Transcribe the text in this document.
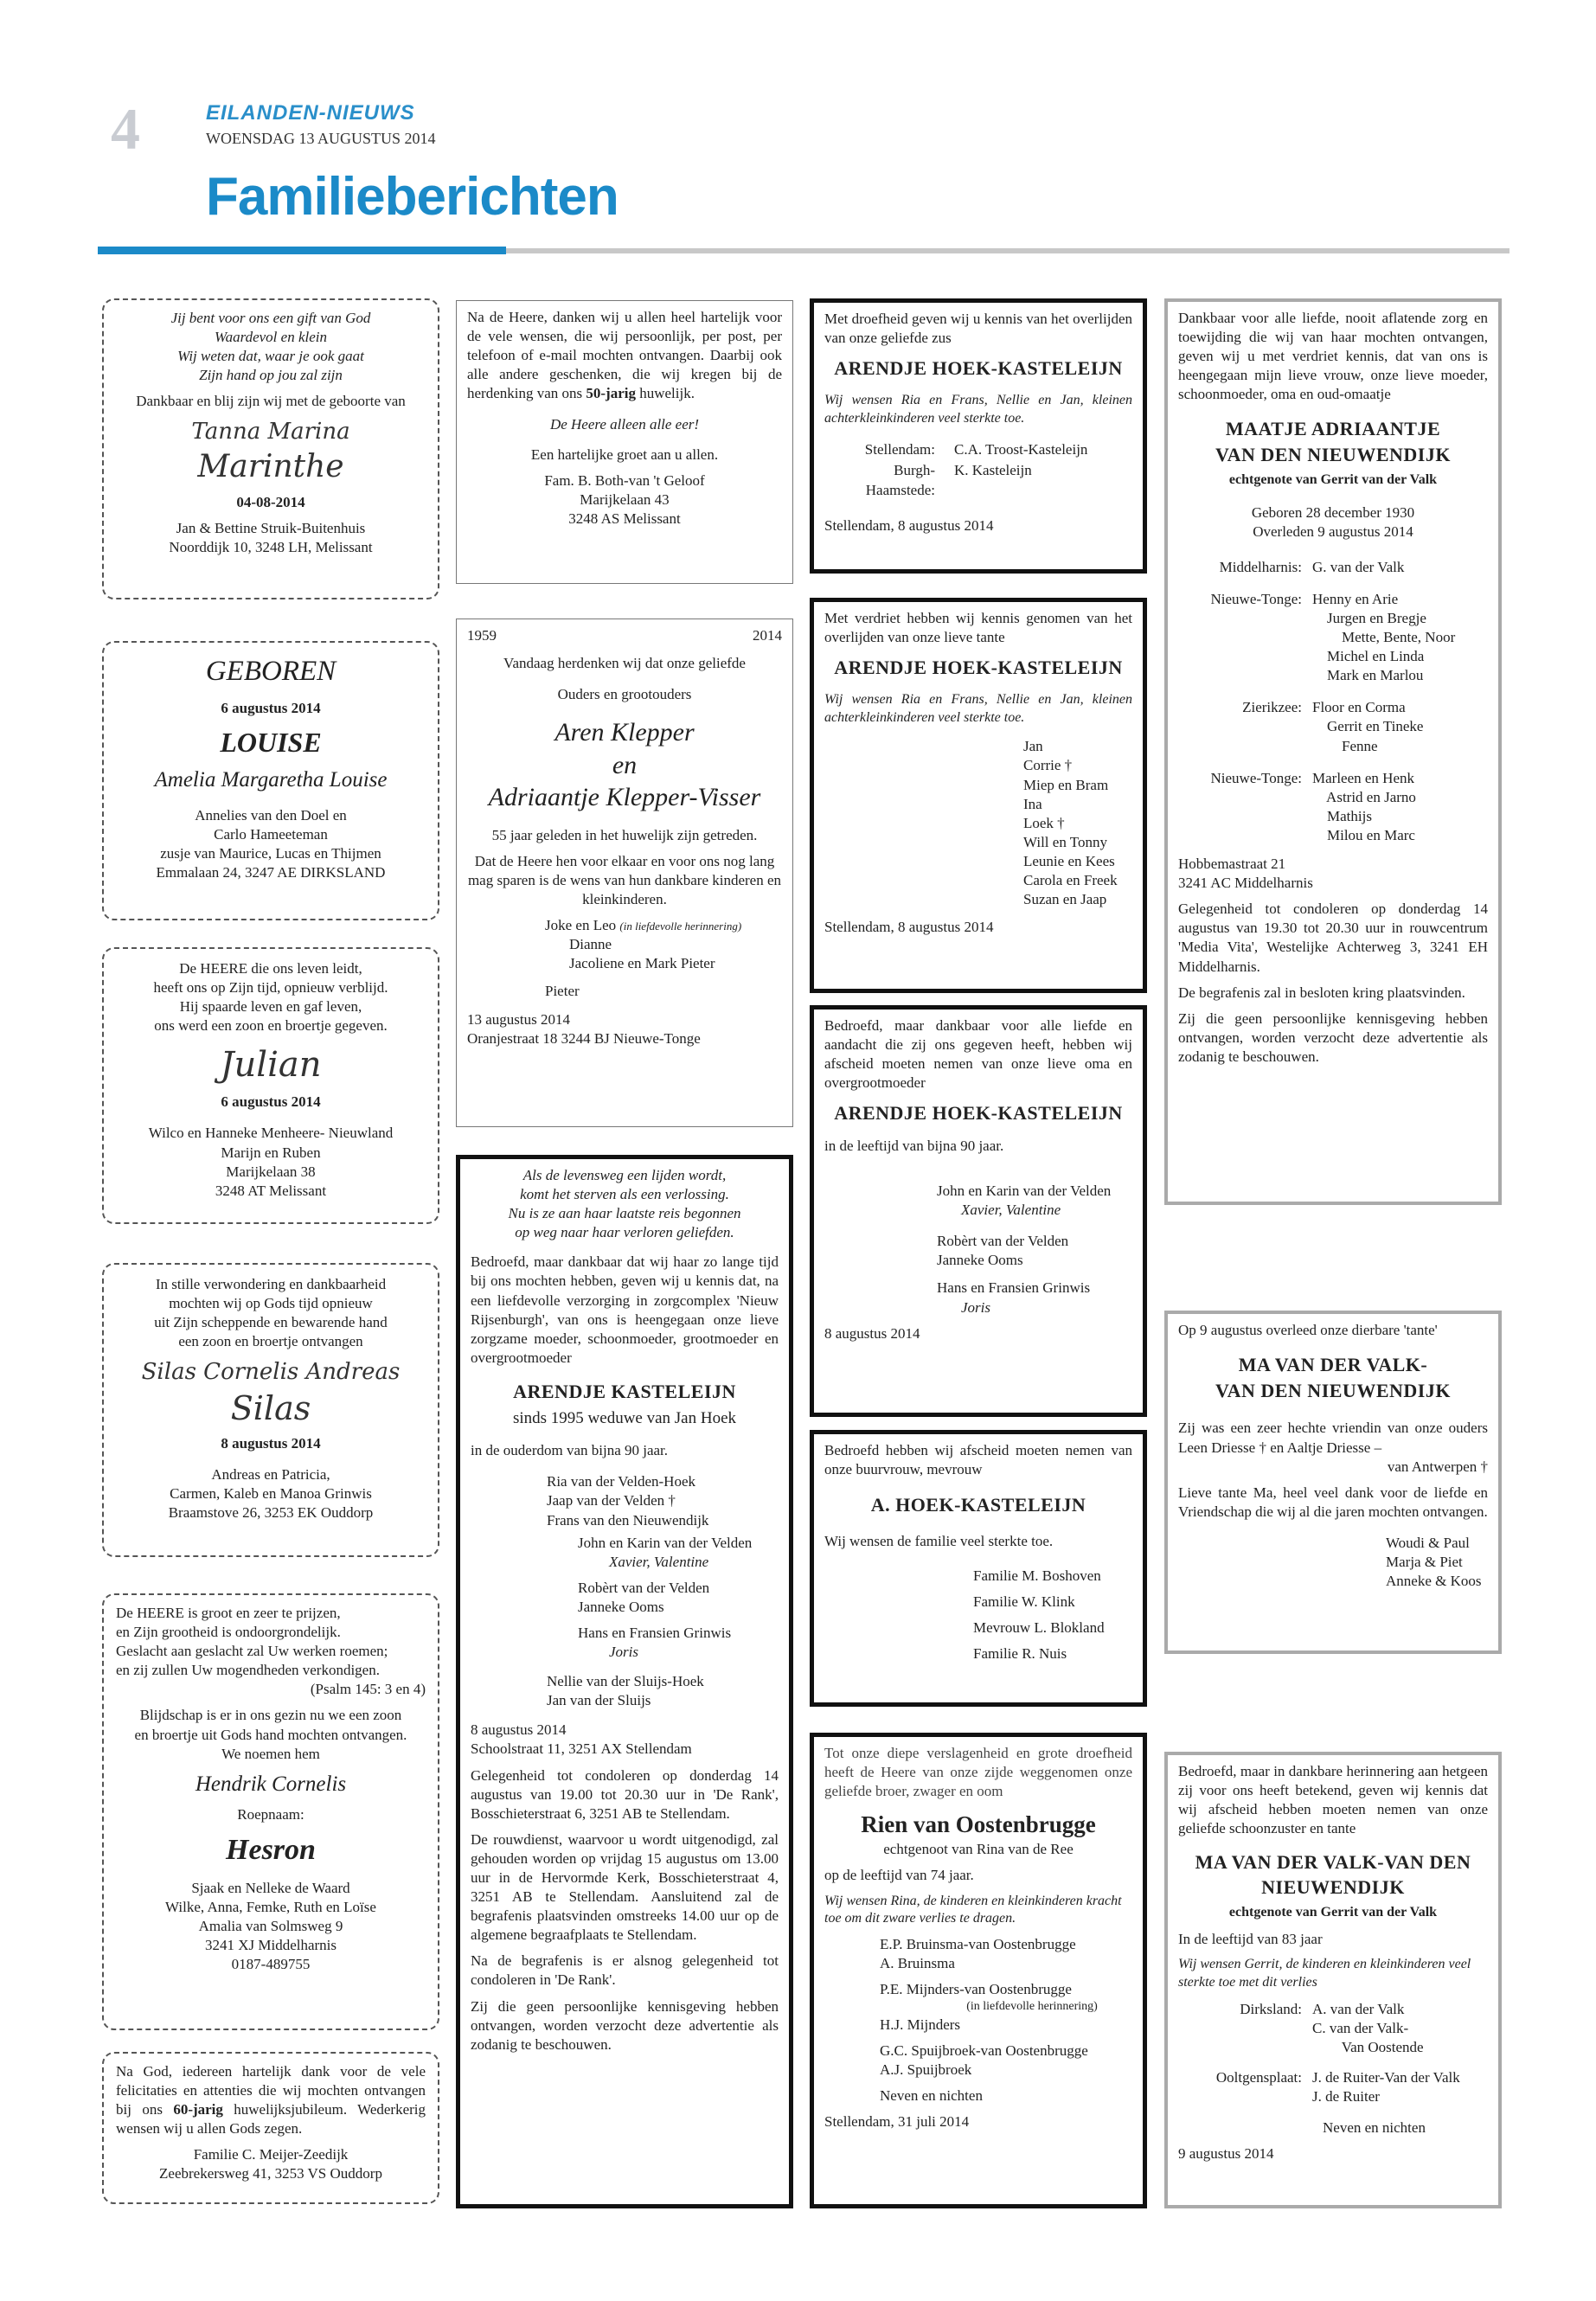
4	EILANDEN-NIEUWS
WOENSDAG 13 AUGUSTUS 2014
Familieberichten

Jij bent voor ons een gift van God
Waardevol en klein
Wij weten dat, waar je ook gaat
Zijn hand op jou zal zijn

Dankbaar en blij zijn wij met de geboorte van

Tanna Marina
Marinthe

04-08-2014

Jan & Bettine Struik-Buitenhuis
Noorddijk 10, 3248 LH, Melissant

GEBOREN

6 augustus 2014

LOUISE
Amelia Margaretha Louise

Annelies van den Doel en
Carlo Hameeteman
zusje van Maurice, Lucas en Thijmen
Emmalaan 24, 3247 AE DIRKSLAND

De HEERE die ons leven leidt,
heeft ons op Zijn tijd, opnieuw verblijd.
Hij spaarde leven en gaf leven,
ons werd een zoon en broertje gegeven.

Julian

6 augustus 2014

Wilco en Hanneke Menheere- Nieuwland
Marijn en Ruben
Marijkelaan 38
3248 AT Melissant

In stille verwondering en dankbaarheid
mochten wij op Gods tijd opnieuw
uit Zijn scheppende en bewarende hand
een zoon en broertje ontvangen

Silas Cornelis Andreas
Silas

8 augustus 2014

Andreas en Patricia,
Carmen, Kaleb en Manoa Grinwis
Braamstove 26, 3253 EK Ouddorp

De HEERE is groot en zeer te prijzen,
en Zijn grootheid is ondoorgrondelijk.
Geslacht aan geslacht zal Uw werken roemen;
en zij zullen Uw mogendheden verkondigen.

(Psalm 145: 3 en 4)

Blijdschap is er in ons gezin nu we een zoon
en broertje uit Gods hand mochten ontvangen.
We noemen hem

Hendrik Cornelis

Roepnaam:

Hesron

Sjaak en Nelleke de Waard
Wilke, Anna, Femke, Ruth en Loïse
Amalia van Solmsweg 9
3241 XJ Middelharnis
0187-489755

Na God, iedereen hartelijk dank voor de vele felicitaties en attenties die wij mochten ontvangen bij ons 60-jarig huwelijksjubileum. Wederkerig wensen wij u allen Gods zegen.

Familie C. Meijer-Zeedijk
Zeebrekersweg 41, 3253 VS Ouddorp

Na de Heere, danken wij u allen heel hartelijk voor de vele wensen, die wij persoonlijk, per post, per telefoon of e-mail mochten ontvangen. Daarbij ook alle andere geschenken, die wij kregen bij de herdenking van ons 50-jarig huwelijk.

De Heere alleen alle eer!

Een hartelijke groet aan u allen.

Fam. B. Both-van 't Geloof
Marijkelaan 43
3248 AS Melissant

1959	2014

Vandaag herdenken wij dat onze geliefde

Ouders en grootouders

Aren Klepper
en
Adriaantje Klepper-Visser

55 jaar geleden in het huwelijk zijn getreden.

Dat de Heere hen voor elkaar en voor ons nog lang mag sparen is de wens van hun dankbare kinderen en kleinkinderen.

Joke en Leo (in liefdevolle herinnering)
Dianne
Jacoliene en Mark Pieter
Pieter
13 augustus 2014
Oranjestraat 18 3244 BJ Nieuwe-Tonge

Als de levensweg een lijden wordt,
komt het sterven als een verlossing.
Nu is ze aan haar laatste reis begonnen
op weg naar haar verloren geliefden.

Bedroefd, maar dankbaar dat wij haar zo lange tijd bij ons mochten hebben, geven wij u kennis dat, na een liefdevolle verzorging in zorgcomplex 'Nieuw Rijsenburgh', van ons is heengegaan onze lieve zorgzame moeder, schoonmoeder, grootmoeder en overgrootmoeder

ARENDJE KASTELEIJN

sinds 1995 weduwe van Jan Hoek

in de ouderdom van bijna 90 jaar.

Ria van der Velden-Hoek
Jaap van der Velden †
Frans van den Nieuwendijk

John en Karin van der Velden

Xavier, Valentine

Robèrt van der Velden
Janneke Ooms

Hans en Fransien Grinwis

Joris

Nellie van der Sluijs-Hoek
Jan van der Sluijs

8 augustus 2014
Schoolstraat 11, 3251 AX Stellendam

Gelegenheid tot condoleren op donderdag 14 augustus van 19.00 tot 20.30 uur in 'De Rank', Bosschieterstraat 6, 3251 AB te Stellendam.

De rouwdienst, waarvoor u wordt uitgenodigd, zal gehouden worden op vrijdag 15 augustus om 13.00 uur in de Hervormde Kerk, Bosschieterstraat 4, 3251 AB te Stellendam. Aansluitend zal de begrafenis plaatsvinden omstreeks 14.00 uur op de algemene begraafplaats te Stellendam.

Na de begrafenis is er alsnog gelegenheid tot condoleren in 'De Rank'.

Zij die geen persoonlijke kennisgeving hebben ontvangen, worden verzocht deze advertentie als zodanig te beschouwen.

Met droefheid geven wij u kennis van het overlijden van onze geliefde zus

ARENDJE HOEK-KASTELEIJN

Wij wensen Ria en Frans, Nellie en Jan, kleinen achterkleinkinderen veel sterkte toe.

Stellendam:	C.A. Troost-Kasteleijn
Burgh-Haamstede:	K. Kasteleijn

Stellendam, 8 augustus 2014

Met verdriet hebben wij kennis genomen van het overlijden van onze lieve tante

ARENDJE HOEK-KASTELEIJN

Wij wensen Ria en Frans, Nellie en Jan, kleinen achterkleinkinderen veel sterkte toe.

Jan
Corrie †
Miep en Bram
Ina
Loek †
Will en Tonny
Leunie en Kees
Carola en Freek
Suzan en Jaap

Stellendam, 8 augustus 2014

Bedroefd, maar dankbaar voor alle liefde en aandacht die zij ons gegeven heeft, hebben wij afscheid moeten nemen van onze lieve oma en overgrootmoeder

ARENDJE HOEK-KASTELEIJN

in de leeftijd van bijna 90 jaar.

John en Karin van der Velden

Xavier, Valentine

Robèrt van der Velden
Janneke Ooms

Hans en Fransien Grinwis

Joris

8 augustus 2014

Bedroefd hebben wij afscheid moeten nemen van onze buurvrouw, mevrouw

A. HOEK-KASTELEIJN

Wij wensen de familie veel sterkte toe.

Familie M. Boshoven

Familie W. Klink

Mevrouw L. Blokland

Familie R. Nuis

Tot onze diepe verslagenheid en grote droefheid heeft de Heere van onze zijde weggenomen onze geliefde broer, zwager en oom

Rien van Oostenbrugge

echtgenoot van Rina van de Ree

op de leeftijd van 74 jaar.

Wij wensen Rina, de kinderen en kleinkinderen kracht toe om dit zware verlies te dragen.

E.P. Bruinsma-van Oostenbrugge
A. Bruinsma

P.E. Mijnders-van Oostenbrugge
(in liefdevolle herinnering)

H.J. Mijnders

G.C. Spuijbroek-van Oostenbrugge
A.J. Spuijbroek

Neven en nichten

Stellendam, 31 juli 2014

Dankbaar voor alle liefde, nooit aflatende zorg en toewijding die wij van haar mochten ontvangen, geven wij u met verdriet kennis, dat van ons is heengegaan mijn lieve vrouw, onze lieve moeder, schoonmoeder, oma en oud-omaatje

MAATJE ADRIAANTJE
VAN DEN NIEUWENDIJK

echtgenote van Gerrit van der Valk

Geboren 28 december 1930
Overleden 9 augustus 2014

Middelharnis:	G. van der Valk
Nieuwe-Tonge:	Henny en Arie
Jurgen en Bregje
Mette, Bente, Noor
Michel en Linda
Mark en Marlou
Zierikzee:	Floor en Corma
Gerrit en Tineke
Fenne
Nieuwe-Tonge:	Marleen en Henk
Astrid en Jarno
Mathijs
Milou en Marc

Hobbemastraat 21
3241 AC Middelharnis

Gelegenheid tot condoleren op donderdag 14 augustus van 19.30 tot 20.30 uur in rouwcentrum 'Media Vita', Westelijke Achterweg 3, 3241 EH Middelharnis.

De begrafenis zal in besloten kring plaatsvinden.

Zij die geen persoonlijke kennisgeving hebben ontvangen, worden verzocht deze advertentie als zodanig te beschouwen.

Op 9 augustus overleed onze dierbare 'tante'

MA VAN DER VALK-
VAN DEN NIEUWENDIJK

Zij was een zeer hechte vriendin van onze ouders Leen Driesse † en Aaltje Driesse –

van Antwerpen †

Lieve tante Ma, heel veel dank voor de liefde en Vriendschap die wij al die jaren mochten ontvangen.

Woudi & Paul
Marja & Piet
Anneke & Koos

Bedroefd, maar in dankbare herinnering aan hetgeen zij voor ons heeft betekend, geven wij kennis dat wij afscheid hebben moeten nemen van onze geliefde schoonzuster en tante

MA VAN DER VALK-VAN DEN
NIEUWENDIJK

echtgenote van Gerrit van der Valk

In de leeftijd van 83 jaar

Wij wensen Gerrit, de kinderen en kleinkinderen veel sterkte toe met dit verlies

Dirksland:	A. van der Valk
C. van der Valk-
Van Oostende
Ooltgensplaat:	J. de Ruiter-Van der Valk
J. de Ruiter

Neven en nichten

9 augustus 2014
